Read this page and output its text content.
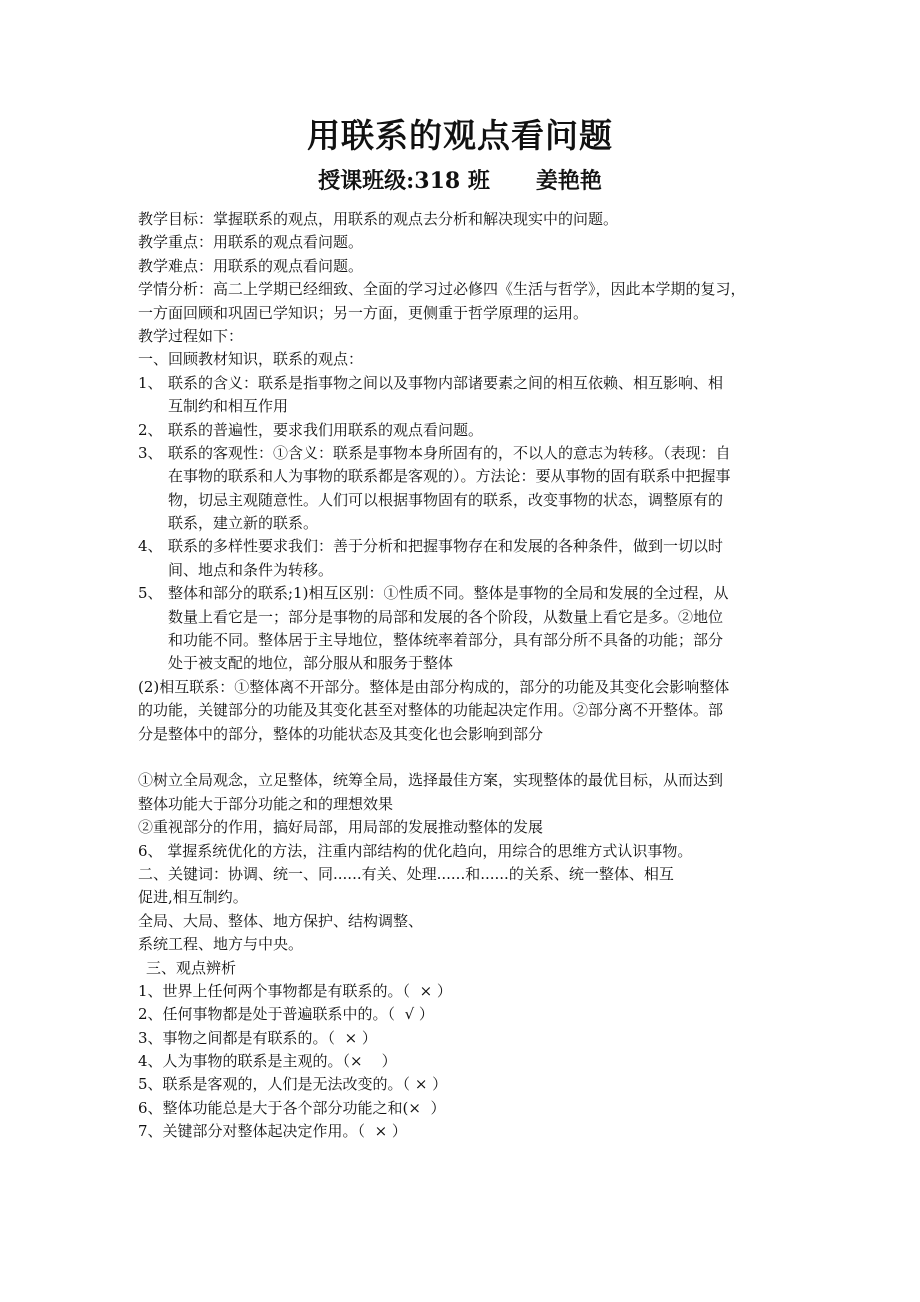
用联系的观点看问题
授课班级:318 班      姜艳艳
教学目标：掌握联系的观点，用联系的观点去分析和解决现实中的问题。
教学重点：用联系的观点看问题。
教学难点：用联系的观点看问题。
学情分析：高二上学期已经细致、全面的学习过必修四《生活与哲学》，因此本学期的复习，
一方面回顾和巩固已学知识；另一方面，更侧重于哲学原理的运用。
教学过程如下：
一、回顾教材知识，联系的观点：
1、 联系的含义：联系是指事物之间以及事物内部诸要素之间的相互依赖、相互影响、相
互制约和相互作用
2、 联系的普遍性，要求我们用联系的观点看问题。
3、 联系的客观性：①含义：联系是事物本身所固有的，不以人的意志为转移。（表现：自
在事物的联系和人为事物的联系都是客观的）。方法论：要从事物的固有联系中把握事
物，切忌主观随意性。人们可以根据事物固有的联系，改变事物的状态，调整原有的
联系，建立新的联系。
4、 联系的多样性要求我们：善于分析和把握事物存在和发展的各种条件，做到一切以时
间、地点和条件为转移。
5、 整体和部分的联系;1)相互区别：①性质不同。整体是事物的全局和发展的全过程，从
数量上看它是一；部分是事物的局部和发展的各个阶段，从数量上看它是多。②地位
和功能不同。整体居于主导地位，整体统率着部分，具有部分所不具备的功能；部分
处于被支配的地位，部分服从和服务于整体
(2)相互联系：①整体离不开部分。整体是由部分构成的，部分的功能及其变化会影响整体
的功能，关键部分的功能及其变化甚至对整体的功能起决定作用。②部分离不开整体。部
分是整体中的部分，整体的功能状态及其变化也会影响到部分
①树立全局观念，立足整体，统筹全局，选择最佳方案，实现整体的最优目标，从而达到
整体功能大于部分功能之和的理想效果
②重视部分的作用，搞好局部，用局部的发展推动整体的发展
6、 掌握系统优化的方法，注重内部结构的优化趋向，用综合的思维方式认识事物。
二、关键词：协调、统一、同......有关、处理......和......的关系、统一整体、相互
促进,相互制约。
全局、大局、整体、地方保护、结构调整、
系统工程、地方与中央。
三、观点辨析
1、世界上任何两个事物都是有联系的。（  × ）
2、任何事物都是处于普遍联系中的。（  √ ）
3、事物之间都是有联系的。（  × ）
4、人为事物的联系是主观的。（×    ）
5、联系是客观的，人们是无法改变的。（ × ）
6、整体功能总是大于各个部分功能之和(×  ）
7、关键部分对整体起决定作用。（  × ）
